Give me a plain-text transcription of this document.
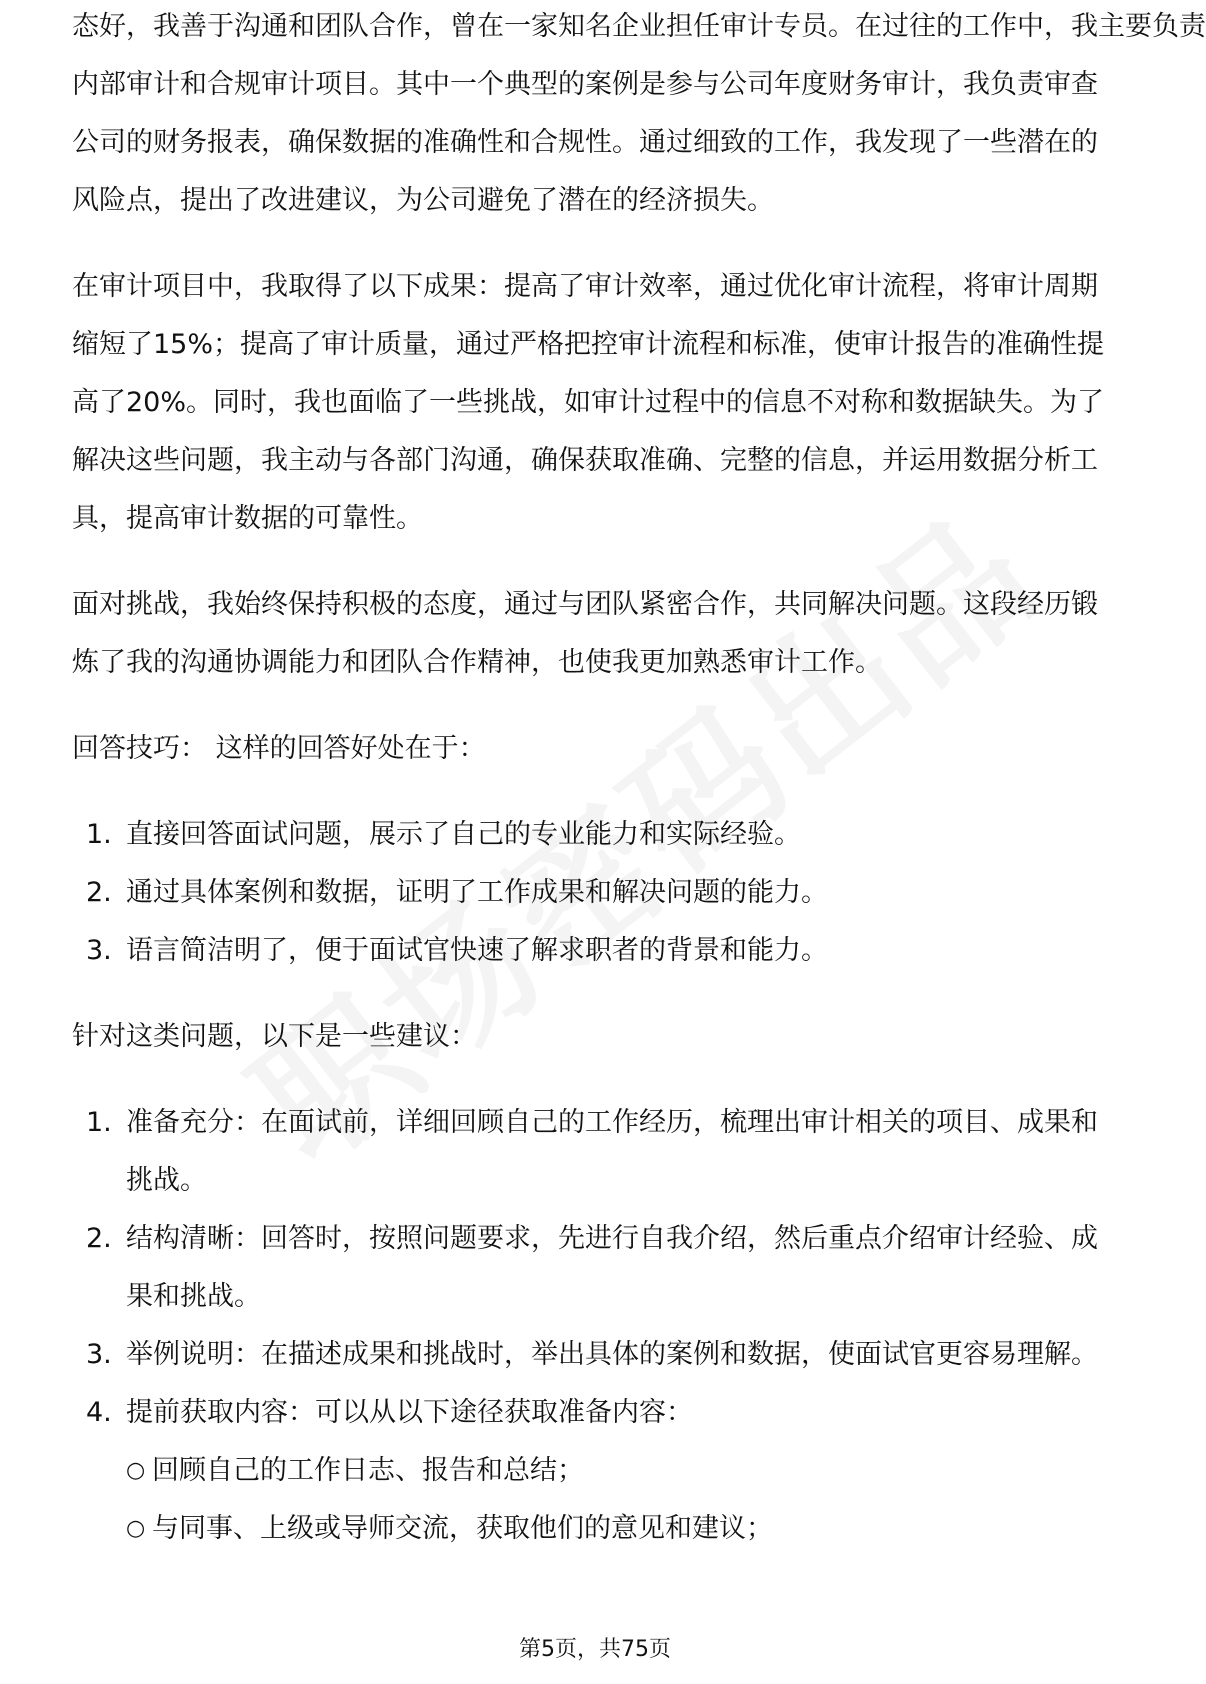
态好，我善于沟通和团队合作，曾在一家知名企业担任审计专员。在过往的工作中，我主要负责

内部审计和合规审计项目。其中一个典型的案例是参与公司年度财务审计，我负责审查公司的财务报表，确保数据的准确性和合规性。通过细致的工作，我发现了一些潜在的风险点，提出了改进建议，为公司避免了潜在的经济损失。

在审计项目中，我取得了以下成果：提高了审计效率，通过优化审计流程，将审计周期缩短了15%；提高了审计质量，通过严格把控审计流程和标准，使审计报告的准确性提高了20%。同时，我也面临了一些挑战，如审计过程中的信息不对称和数据缺失。为了解决这些问题，我主动与各部门沟通，确保获取准确、完整的信息，并运用数据分析工具，提高审计数据的可靠性。

面对挑战，我始终保持积极的态度，通过与团队紧密合作，共同解决问题。这段经历锻炼了我的沟通协调能力和团队合作精神，也使我更加熟悉审计工作。

回答技巧： 这样的回答好处在于：

1. 直接回答面试问题，展示了自己的专业能力和实际经验。
2. 通过具体案例和数据，证明了工作成果和解决问题的能力。
3. 语言简洁明了，便于面试官快速了解求职者的背景和能力。

针对这类问题，以下是一些建议：

1. 准备充分：在面试前，详细回顾自己的工作经历，梳理出审计相关的项目、成果和挑战。
2. 结构清晰：回答时，按照问题要求，先进行自我介绍，然后重点介绍审计经验、成果和挑战。
3. 举例说明：在描述成果和挑战时，举出具体的案例和数据，使面试官更容易理解。
4. 提前获取内容：可以从以下途径获取准备内容：
○ 回顾自己的工作日志、报告和总结；
○ 与同事、上级或导师交流，获取他们的意见和建议；
第5页，共75页
